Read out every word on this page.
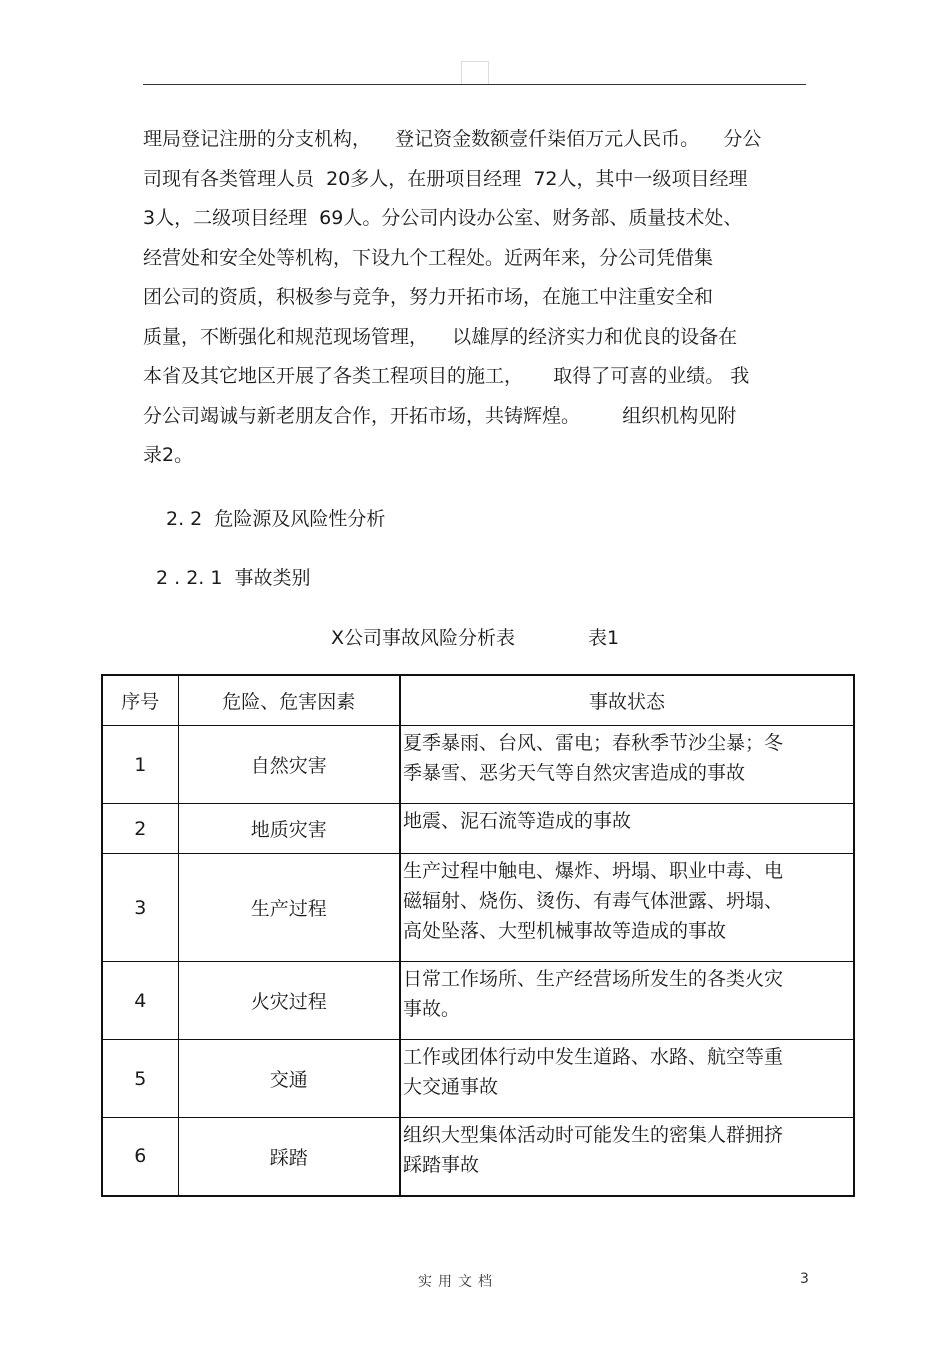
理局登记注册的分支机构，    登记资金数额壹仟柒佰万元人民币。    分公
司现有各类管理人员  20多人，在册项目经理  72人，其中一级项目经理
3人，二级项目经理  69人。分公司内设办公室、财务部、质量技术处、
经营处和安全处等机构，下设九个工程处。近两年来，分公司凭借集
团公司的资质，积极参与竞争，努力开拓市场，在施工中注重安全和
质量，不断强化和规范现场管理，    以雄厚的经济实力和优良的设备在
本省及其它地区开展了各类工程项目的施工，     取得了可喜的业绩。 我
分公司竭诚与新老朋友合作，开拓市场，共铸辉煌。       组织机构见附
录2。
2. 2  危险源及风险性分析
2 . 2. 1  事故类别
X公司事故风险分析表	表1
序号	危险、危害因素	事故状态
1	自然灾害	夏季暴雨、台风、雷电；春秋季节沙尘暴；冬
季暴雪、恶劣天气等自然灾害造成的事故

2	地质灾害	地震、泥石流等造成的事故

3	生产过程	生产过程中触电、爆炸、坍塌、职业中毒、电
磁辐射、烧伤、烫伤、有毒气体泄露、坍塌、
高处坠落、大型机械事故等造成的事故

4	火灾过程	日常工作场所、生产经营场所发生的各类火灾
事故。

5	交通	工作或团体行动中发生道路、水路、航空等重
大交通事故

6	踩踏	组织大型集体活动时可能发生的密集人群拥挤
踩踏事故
实用文档	3
